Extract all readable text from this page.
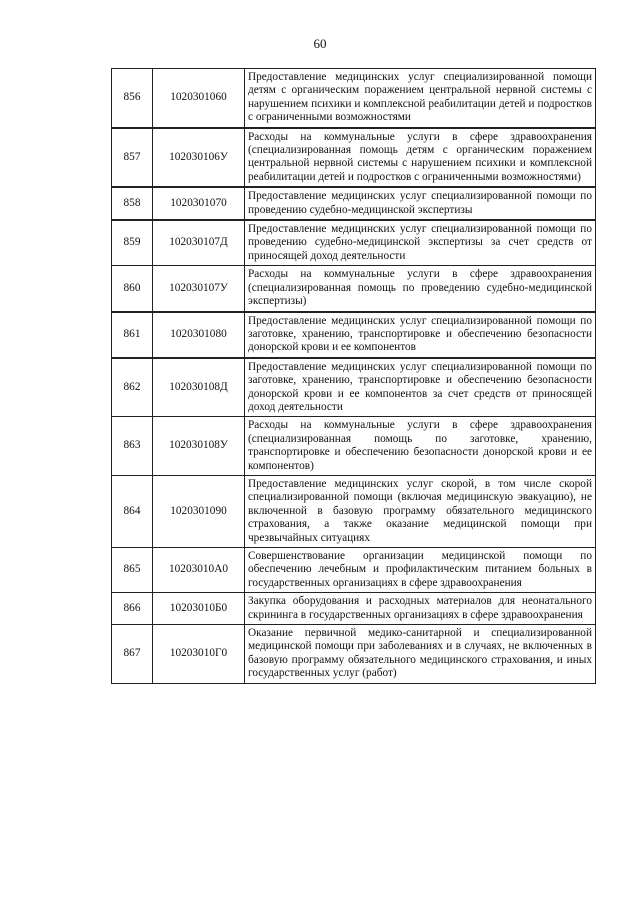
60
856	1020301060	Предоставление медицинских услуг специализированной помощи детям с органическим поражением центральной нервной системы с нарушением психики и комплексной реабилитации детей и подростков с ограниченными возможностями
857	102030106У	Расходы на коммунальные услуги в сфере здравоохранения (специализированная помощь детям с органическим поражением центральной нервной системы с нарушением психики и комплексной реабилитации детей и подростков с ограниченными возможностями)
858	1020301070	Предоставление медицинских услуг специализированной помощи по проведению судебно-медицинской экспертизы
859	102030107Д	Предоставление медицинских услуг специализированной помощи по проведению судебно-медицинской экспертизы за счет средств от приносящей доход деятельности
860	102030107У	Расходы на коммунальные услуги в сфере здравоохранения (специализированная помощь по проведению судебно-медицинской экспертизы)
861	1020301080	Предоставление медицинских услуг специализированной помощи по заготовке, хранению, транспортировке и обеспечению безопасности донорской крови и ее компонентов
862	102030108Д	Предоставление медицинских услуг специализированной помощи по заготовке, хранению, транспортировке и обеспечению безопасности донорской крови и ее компонентов за счет средств от приносящей доход деятельности
863	102030108У	Расходы на коммунальные услуги в сфере здравоохранения (специализированная помощь по заготовке, хранению, транспортировке и обеспечению безопасности донорской крови и ее компонентов)
864	1020301090	Предоставление медицинских услуг скорой, в том числе скорой специализированной помощи (включая медицинскую эвакуацию), не включенной в базовую программу обязательного медицинского страхования, а также оказание медицинской помощи при чрезвычайных ситуациях
865	10203010А0	Совершенствование организации медицинской помощи по обеспечению лечебным и профилактическим питанием больных в государственных организациях в сфере здравоохранения
866	10203010Б0	Закупка оборудования и расходных материалов для неонатального скрининга в государственных организациях в сфере здравоохранения
867	10203010Г0	Оказание первичной медико-санитарной и специализированной медицинской помощи при заболеваниях и в случаях, не включенных в базовую программу обязательного медицинского страхования, и иных государственных услуг (работ)
